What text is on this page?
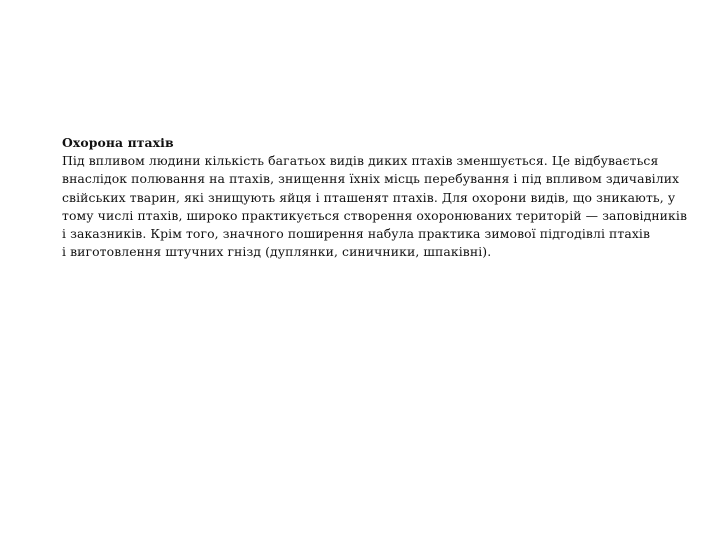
Охорона птахів
Під впливом людини кількість багатьох видів диких птахів зменшується. Це відбувається
внаслідок полювання на птахів, знищення їхніх місць перебування і під впливом здичавілих
свійських тварин, які знищують яйця і пташенят птахів. Для охорони видів, що зникають, у
тому числі птахів, широко практикується створення охоронюваних територій — заповідників
і заказників. Крім того, значного поширення набула практика зимової підгодівлі птахів
і виготовлення штучних гнізд (дуплянки, синичники, шпаківні).
